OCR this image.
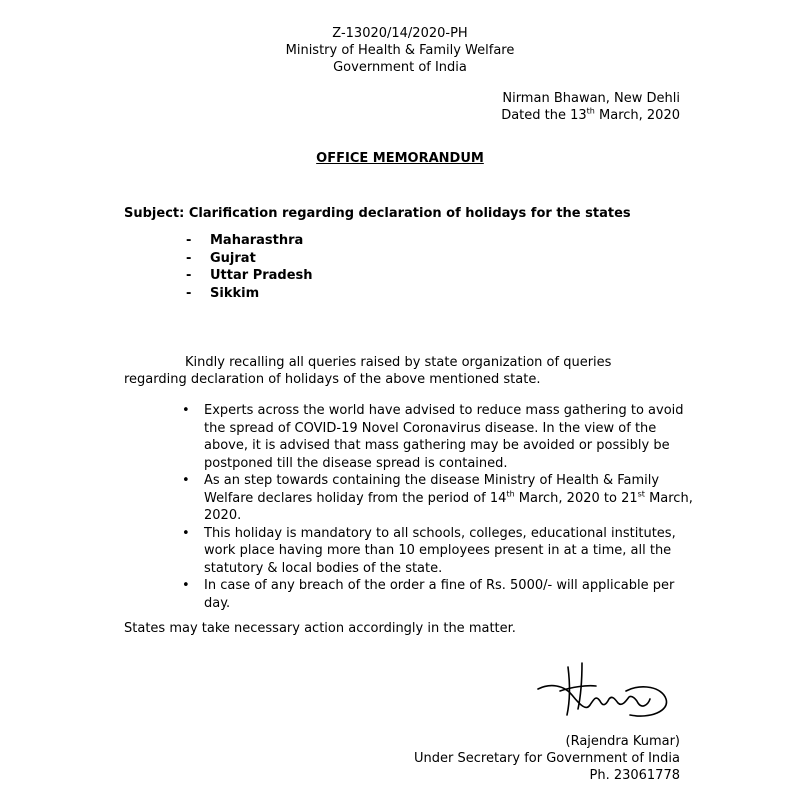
Z-13020/14/2020-PH
Ministry of Health & Family Welfare
Government of India
Nirman Bhawan, New Dehli
Dated the 13th March, 2020
OFFICE MEMORANDUM
Subject: Clarification regarding declaration of holidays for the states
- Maharasthra
- Gujrat
- Uttar Pradesh
- Sikkim
Kindly recalling all queries raised by state organization of queries
regarding declaration of holidays of the above mentioned state.
• Experts across the world have advised to reduce mass gathering to avoid the spread of COVID-19 Novel Coronavirus disease. In the view of the above, it is advised that mass gathering may be avoided or possibly be postponed till the disease spread is contained.
• As an step towards containing the disease Ministry of Health & Family Welfare declares holiday from the period of 14th March, 2020 to 21st March, 2020.
• This holiday is mandatory to all schools, colleges, educational institutes, work place having more than 10 employees present in at a time, all the statutory & local bodies of the state.
• In case of any breach of the order a fine of Rs. 5000/- will applicable per day.
States may take necessary action accordingly in the matter.
(Rajendra Kumar)
Under Secretary for Government of India
Ph. 23061778
